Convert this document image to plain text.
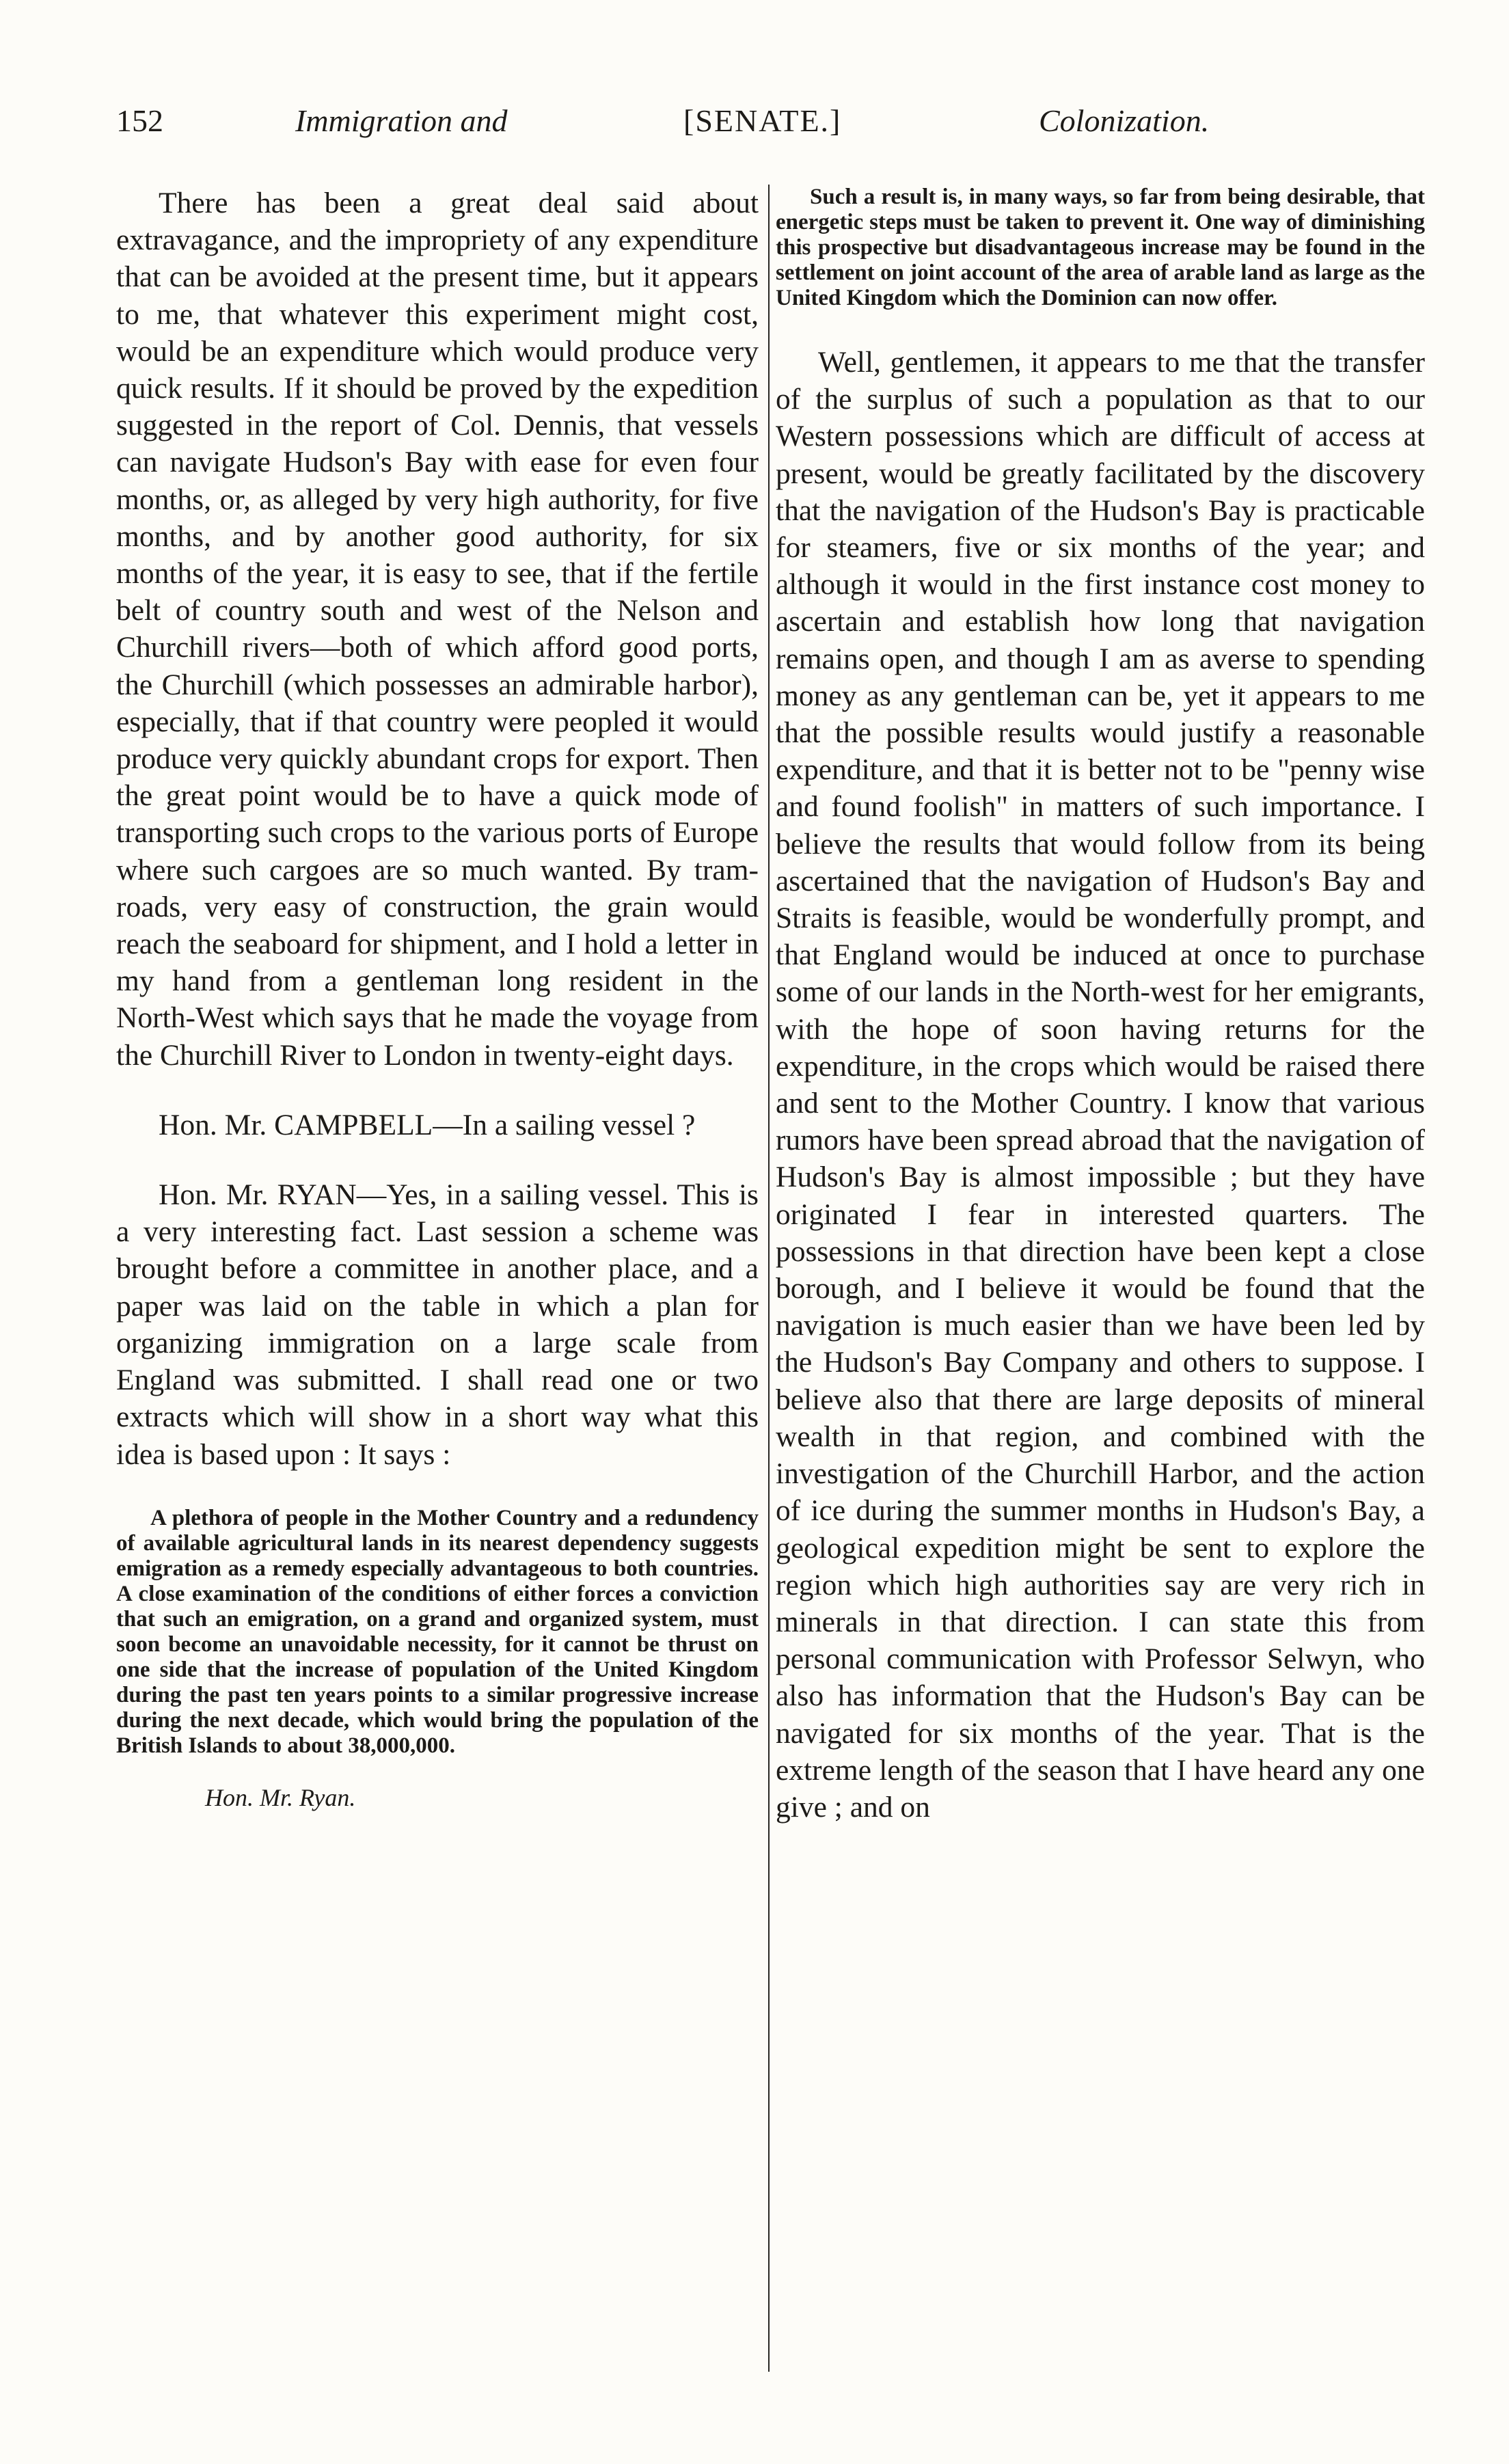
152	Immigration and	[SENATE.]	Colonization.

There has been a great deal said about extravagance, and the impropriety of any expenditure that can be avoided at the present time, but it appears to me, that whatever this experiment might cost, would be an expenditure which would produce very quick results. If it should be proved by the expedition suggested in the report of Col. Dennis, that vessels can navigate Hudson's Bay with ease for even four months, or, as alleged by very high authority, for five months, and by another good authority, for six months of the year, it is easy to see, that if the fertile belt of country south and west of the Nelson and Churchill rivers—both of which afford good ports, the Churchill (which possesses an admirable harbor), especially, that if that country were peopled it would produce very quickly abundant crops for export. Then the great point would be to have a quick mode of transporting such crops to the various ports of Europe where such cargoes are so much wanted. By tram-roads, very easy of construction, the grain would reach the seaboard for shipment, and I hold a letter in my hand from a gentleman long resident in the North-West which says that he made the voyage from the Churchill River to London in twenty-eight days.

Hon. Mr. CAMPBELL—In a sailing vessel ?

Hon. Mr. RYAN—Yes, in a sailing vessel. This is a very interesting fact. Last session a scheme was brought before a committee in another place, and a paper was laid on the table in which a plan for organizing immigration on a large scale from England was submitted. I shall read one or two extracts which will show in a short way what this idea is based upon : It says :

A plethora of people in the Mother Country and a redundency of available agricultural lands in its nearest dependency suggests emigration as a remedy especially advantageous to both countries. A close examination of the conditions of either forces a conviction that such an emigration, on a grand and organized system, must soon become an unavoidable necessity, for it cannot be thrust on one side that the increase of population of the United Kingdom during the past ten years points to a similar progressive increase during the next decade, which would bring the population of the British Islands to about 38,000,000.

Hon. Mr. Ryan.

Such a result is, in many ways, so far from being desirable, that energetic steps must be taken to prevent it. One way of diminishing this prospective but disadvantageous increase may be found in the settlement on joint account of the area of arable land as large as the United Kingdom which the Dominion can now offer.

Well, gentlemen, it appears to me that the transfer of the surplus of such a population as that to our Western possessions which are difficult of access at present, would be greatly facilitated by the discovery that the navigation of the Hudson's Bay is practicable for steamers, five or six months of the year; and although it would in the first instance cost money to ascertain and establish how long that navigation remains open, and though I am as averse to spending money as any gentleman can be, yet it appears to me that the possible results would justify a reasonable expenditure, and that it is better not to be "penny wise and found foolish" in matters of such importance. I believe the results that would follow from its being ascertained that the navigation of Hudson's Bay and Straits is feasible, would be wonderfully prompt, and that England would be induced at once to purchase some of our lands in the North-west for her emigrants, with the hope of soon having returns for the expenditure, in the crops which would be raised there and sent to the Mother Country. I know that various rumors have been spread abroad that the navigation of Hudson's Bay is almost impossible ; but they have originated I fear in interested quarters. The possessions in that direction have been kept a close borough, and I believe it would be found that the navigation is much easier than we have been led by the Hudson's Bay Company and others to suppose. I believe also that there are large deposits of mineral wealth in that region, and combined with the investigation of the Churchill Harbor, and the action of ice during the summer months in Hudson's Bay, a geological expedition might be sent to explore the region which high authorities say are very rich in minerals in that direction. I can state this from personal communication with Professor Selwyn, who also has information that the Hudson's Bay can be navigated for six months of the year. That is the extreme length of the season that I have heard any one give ; and on
